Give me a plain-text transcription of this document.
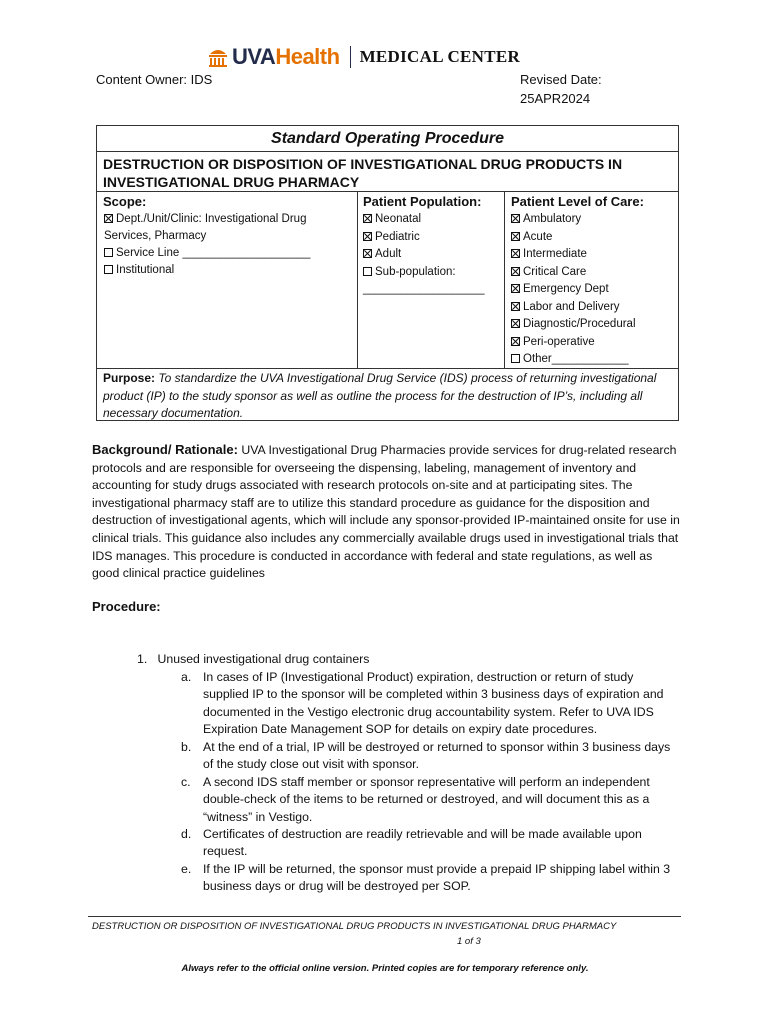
UVA Health MEDICAL CENTER
Content Owner: IDS	Revised Date:
25APR2024
Standard Operating Procedure
DESTRUCTION OR DISPOSITION OF INVESTIGATIONAL DRUG PRODUCTS IN INVESTIGATIONAL DRUG PHARMACY
Scope:	Patient Population: Patient Level of Care:
Dept./Unit/Clinic: Investigational Drug
Services, Pharmacy
Service Line ____________________
Institutional
Neonatal
Pediatric
Adult
Sub-population:
___________________
Ambulatory
Acute
Intermediate
Critical Care
Emergency Dept
Labor and Delivery
Diagnostic/Procedural
Peri-operative
Other____________
Purpose: To standardize the UVA Investigational Drug Service (IDS) process of returning investigational product (IP) to the study sponsor as well as outline the process for the destruction of IP’s, including all necessary documentation.
Background/ Rationale: UVA Investigational Drug Pharmacies provide services for drug-related research protocols and are responsible for overseeing the dispensing, labeling, management of inventory and accounting for study drugs associated with research protocols on-site and at participating sites. The investigational pharmacy staff are to utilize this standard procedure as guidance for the disposition and destruction of investigational agents, which will include any sponsor-provided IP-maintained onsite for use in clinical trials. This guidance also includes any commercially available drugs used in investigational trials that IDS manages. This procedure is conducted in accordance with federal and state regulations, as well as good clinical practice guidelines
Procedure:
1. Unused investigational drug containers
a. In cases of IP (Investigational Product) expiration, destruction or return of study supplied IP to the sponsor will be completed within 3 business days of expiration and documented in the Vestigo electronic drug accountability system. Refer to UVA IDS Expiration Date Management SOP for details on expiry date procedures.
b. At the end of a trial, IP will be destroyed or returned to sponsor within 3 business days of the study close out visit with sponsor.
c. A second IDS staff member or sponsor representative will perform an independent double-check of the items to be returned or destroyed, and will document this as a “witness” in Vestigo.
d. Certificates of destruction are readily retrievable and will be made available upon request.
e. If the IP will be returned, the sponsor must provide a prepaid IP shipping label within 3 business days or drug will be destroyed per SOP.
DESTRUCTION OR DISPOSITION OF INVESTIGATIONAL DRUG PRODUCTS IN INVESTIGATIONAL DRUG PHARMACY
1 of 3
Always refer to the official online version. Printed copies are for temporary reference only.
